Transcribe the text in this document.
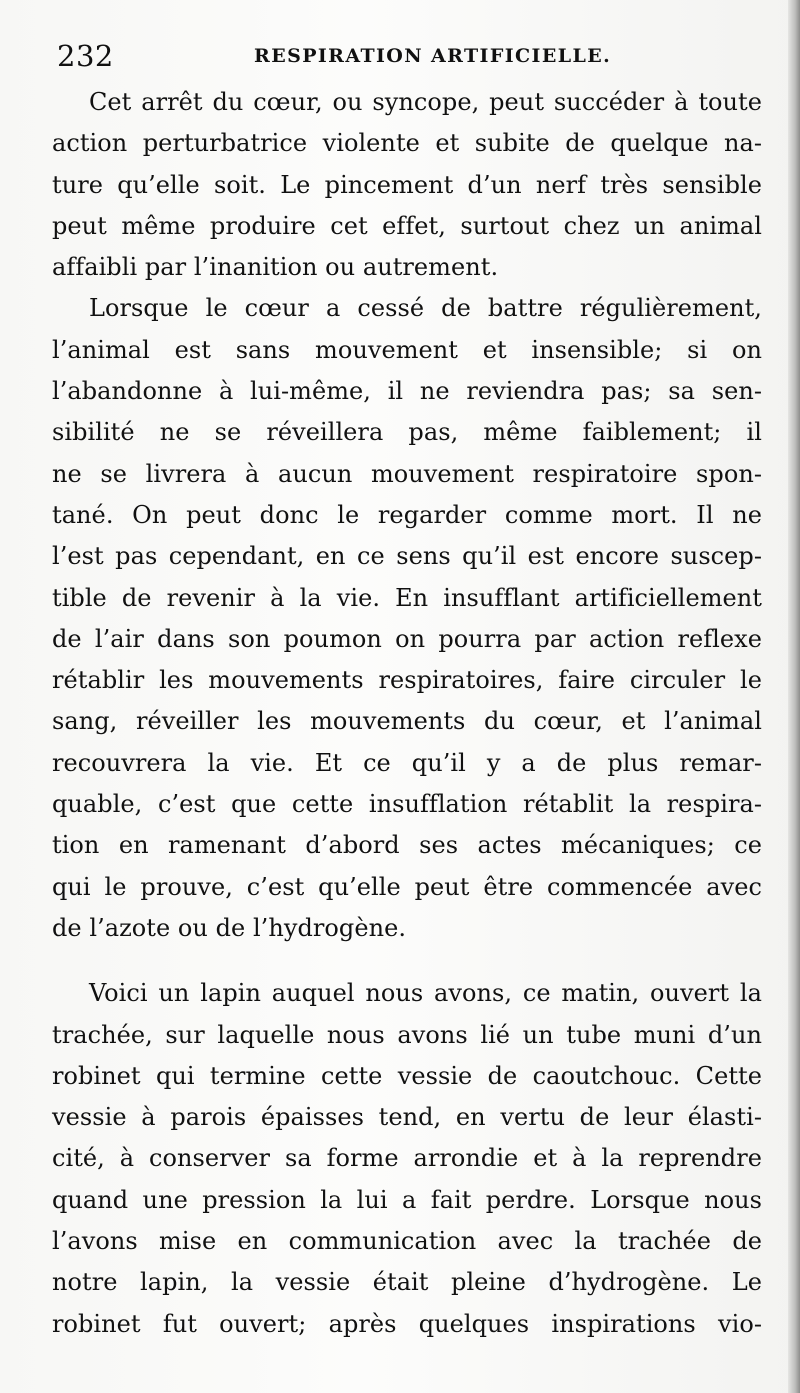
232	RESPIRATION ARTIFICIELLE.
Cet arrêt du cœur, ou syncope, peut succéder à toute
action perturbatrice violente et subite de quelque na-
ture qu’elle soit. Le pincement d’un nerf très sensible
peut même produire cet effet, surtout chez un animal
affaibli par l’inanition ou autrement.
Lorsque le cœur a cessé de battre régulièrement,
l’animal est sans mouvement et insensible; si on
l’abandonne à lui-même, il ne reviendra pas; sa sen-
sibilité ne se réveillera pas, même faiblement; il
ne se livrera à aucun mouvement respiratoire spon-
tané. On peut donc le regarder comme mort. Il ne
l’est pas cependant, en ce sens qu’il est encore suscep-
tible de revenir à la vie. En insufflant artificiellement
de l’air dans son poumon on pourra par action reflexe
rétablir les mouvements respiratoires, faire circuler le
sang, réveiller les mouvements du cœur, et l’animal
recouvrera la vie. Et ce qu’il y a de plus remar-
quable, c’est que cette insufflation rétablit la respira-
tion en ramenant d’abord ses actes mécaniques; ce
qui le prouve, c’est qu’elle peut être commencée avec
de l’azote ou de l’hydrogène.
Voici un lapin auquel nous avons, ce matin, ouvert la
trachée, sur laquelle nous avons lié un tube muni d’un
robinet qui termine cette vessie de caoutchouc. Cette
vessie à parois épaisses tend, en vertu de leur élasti-
cité, à conserver sa forme arrondie et à la reprendre
quand une pression la lui a fait perdre. Lorsque nous
l’avons mise en communication avec la trachée de
notre lapin, la vessie était pleine d’hydrogène. Le
robinet fut ouvert; après quelques inspirations vio-
